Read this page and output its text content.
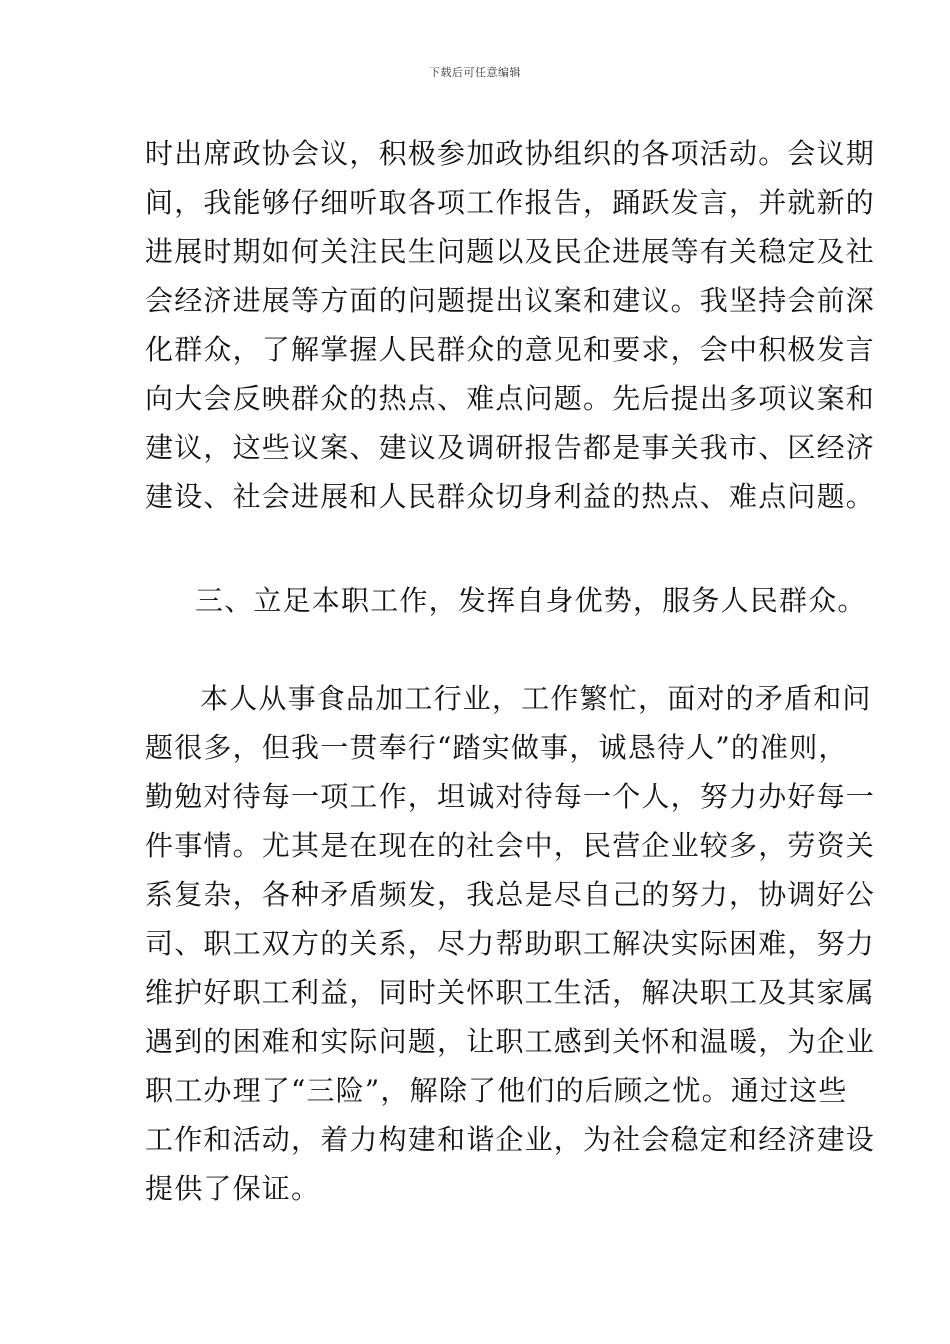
下载后可任意编辑
时出席政协会议，积极参加政协组织的各项活动。会议期
间，我能够仔细听取各项工作报告，踊跃发言，并就新的
进展时期如何关注民生问题以及民企进展等有关稳定及社
会经济进展等方面的问题提出议案和建议。我坚持会前深
化群众，了解掌握人民群众的意见和要求，会中积极发言
向大会反映群众的热点、难点问题。先后提出多项议案和
建议，这些议案、建议及调研报告都是事关我市、区经济
建设、社会进展和人民群众切身利益的热点、难点问题。
三、立足本职工作，发挥自身优势，服务人民群众。
本人从事食品加工行业，工作繁忙，面对的矛盾和问
题很多，但我一贯奉行“踏实做事，诚恳待人”的准则，
勤勉对待每一项工作，坦诚对待每一个人，努力办好每一
件事情。尤其是在现在的社会中，民营企业较多，劳资关
系复杂，各种矛盾频发，我总是尽自己的努力，协调好公
司、职工双方的关系，尽力帮助职工解决实际困难，努力
维护好职工利益，同时关怀职工生活，解决职工及其家属
遇到的困难和实际问题，让职工感到关怀和温暖，为企业
职工办理了“三险”，解除了他们的后顾之忧。通过这些
工作和活动，着力构建和谐企业，为社会稳定和经济建设
提供了保证。
